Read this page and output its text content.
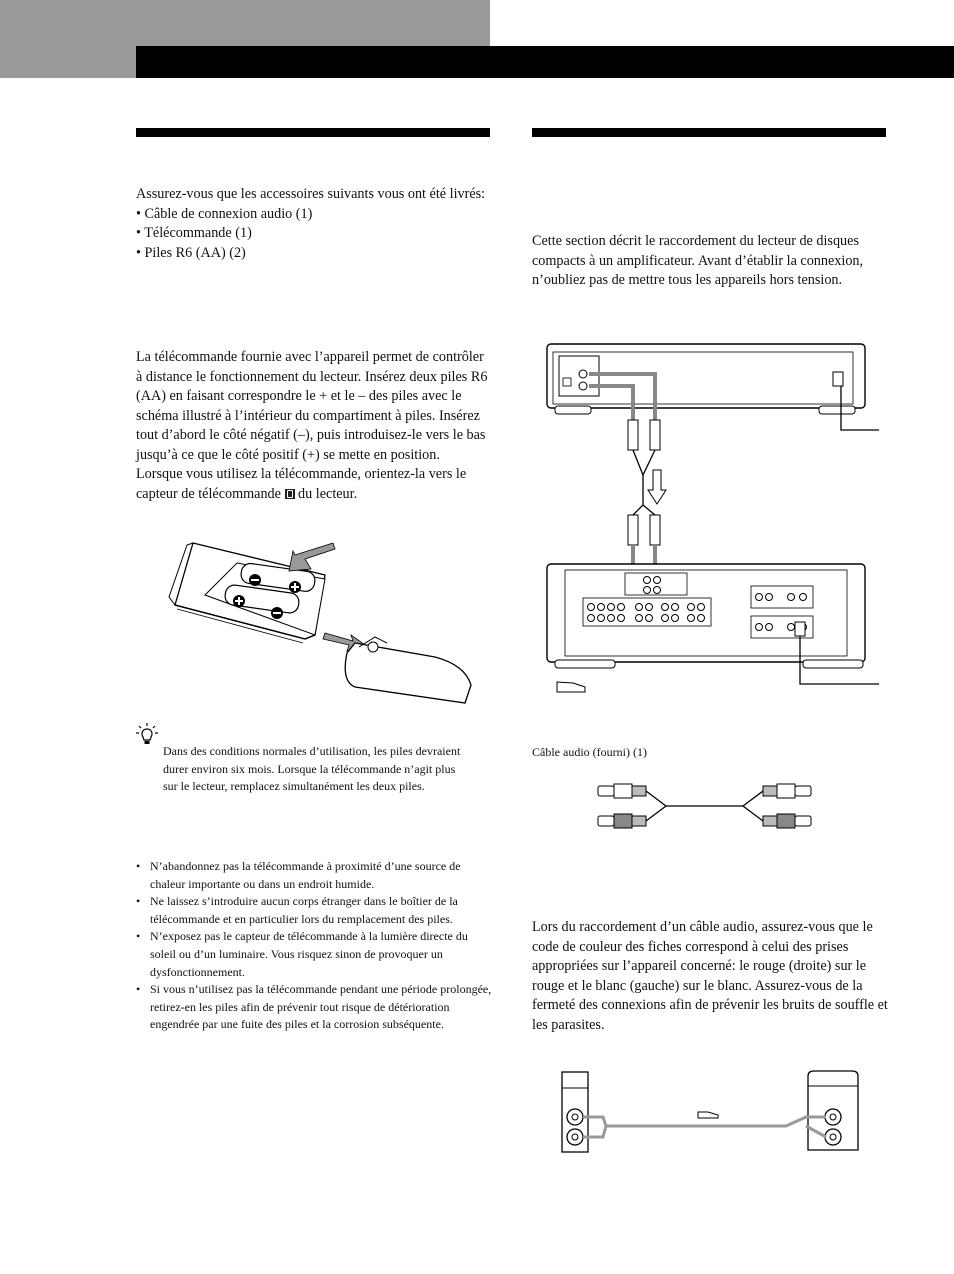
Assurez-vous que les accessoires suivants vous ont été livrés:

• Câble de connexion audio (1)
• Télécommande (1)
• Piles R6 (AA) (2)

La télécommande fournie avec l’appareil permet de contrôler à distance le fonctionnement du lecteur. Insérez deux piles R6 (AA) en faisant correspondre le + et le – des piles avec le schéma illustré à l’intérieur du compartiment à piles. Insérez tout d’abord le côté négatif (–), puis introduisez-le vers le bas jusqu’à ce que le côté positif (+) se mette en position. Lorsque vous utilisez la télécommande, orientez-la vers le capteur de télécommande
du lecteur.

Dans des conditions normales d’utilisation, les piles devraient durer environ six mois. Lorsque la télécommande n’agit plus sur le lecteur, remplacez simultanément les deux piles.

• N’abandonnez pas la télécommande à proximité d’une source de chaleur importante ou dans un endroit humide.
• Ne laissez s’introduire aucun corps étranger dans le boîtier de la télécommande et en particulier lors du remplacement des piles.
• N’exposez pas le capteur de télécommande à la lumière directe du soleil ou d’un luminaire. Vous risquez sinon de provoquer un dysfonctionnement.
• Si vous n’utilisez pas la télécommande pendant une période prolongée, retirez-en les piles afin de prévenir tout risque de détérioration engendrée par une fuite des piles et la corrosion subséquente.

Cette section décrit le raccordement du lecteur de disques compacts à un amplificateur. Avant d’établir la connexion, n’oubliez pas de mettre tous les appareils hors tension.

Câble audio (fourni) (1)

Lors du raccordement d’un câble audio, assurez-vous que le code de couleur des fiches correspond à celui des prises appropriées sur l’appareil concerné: le rouge (droite) sur le rouge et le blanc (gauche) sur le blanc. Assurez-vous de la fermeté des connexions afin de prévenir les bruits de souffle et les parasites.
